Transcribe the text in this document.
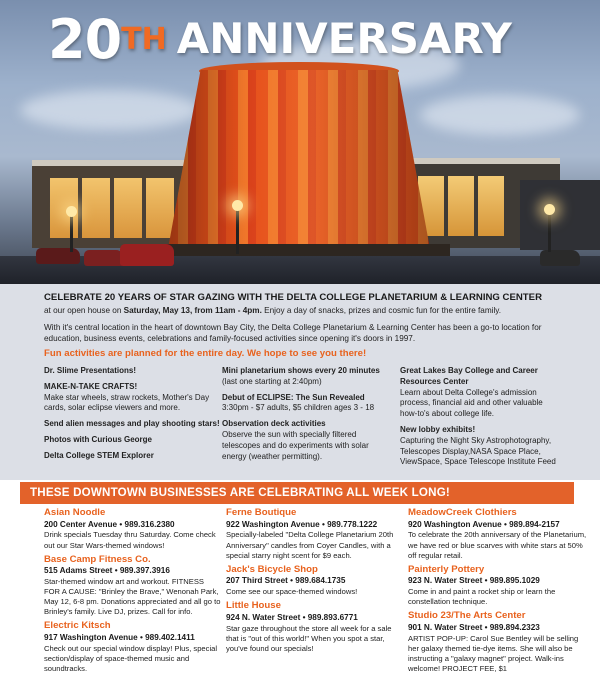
20TH ANNIVERSARY
CELEBRATE 20 YEARS OF STAR GAZING WITH THE DELTA COLLEGE PLANETARIUM & LEARNING CENTER
at our open house on Saturday, May 13, from 11am - 4pm. Enjoy a day of snacks, prizes and cosmic fun for the entire family.
With it's central location in the heart of downtown Bay City, the Delta College Planetarium & Learning Center has been a go-to location for education, business events, celebrations and family-focused activities since opening it's doors in 1997.
Fun activities are planned for the entire day. We hope to see you there!
Dr. Slime Presentations!
MAKE-N-TAKE CRAFTS!
Make star wheels, straw rockets, Mother's Day cards, solar eclipse viewers and more.
Send alien messages and play shooting stars!
Photos with Curious George
Delta College STEM Explorer
Mini planetarium shows every 20 minutes (last one starting at 2:40pm)
Debut of ECLIPSE: The Sun Revealed
3:30pm - $7 adults, $5 children ages 3 - 18
Observation deck activities
Observe the sun with specially filtered telescopes and do experiments with solar energy (weather permitting).
Great Lakes Bay College and Career Resources Center
Learn about Delta College's admission process, financial aid and other valuable how-to's about college life.
New lobby exhibits!
Capturing the Night Sky Astrophotography, Telescopes Display,NASA Space Place, ViewSpace, Space Telescope Institute Feed
THESE DOWNTOWN BUSINESSES ARE CELEBRATING ALL WEEK LONG!
Asian Noodle
200 Center Avenue • 989.316.2380
Drink specials Tuesday thru Saturday. Come check out our Star Wars-themed windows!
Base Camp Fitness Co.
515 Adams Street • 989.397.3916
Star-themed window art and workout. FITNESS FOR A CAUSE: "Brinley the Brave," Wenonah Park, May 12, 6-8 pm. Donations appreciated and all go to Brinley's family. Live DJ, prizes. Call for info.
Electric Kitsch
917 Washington Avenue • 989.402.1411
Check out our special window display! Plus, special section/display of space-themed music and soundtracks.
Ferne Boutique
922 Washington Avenue • 989.778.1222
Specially-labeled "Delta College Planetarium 20th Anniversary" candles from Coyer Candles, with a special starry night scent for $9 each.
Jack's Bicycle Shop
207 Third Street • 989.684.1735
Come see our space-themed windows!
Little House
924 N. Water Street • 989.893.6771
Star gaze throughout the store all week for a sale that is "out of this world!" When you spot a star, you've found our specials!
MeadowCreek Clothiers
920 Washington Avenue • 989.894-2157
To celebrate the 20th anniversary of the Planetarium, we have red or blue scarves with white stars at 50% off regular retail.
Painterly Pottery
923 N. Water Street • 989.895.1029
Come in and paint a rocket ship or learn the constellation technique.
Studio 23/The Arts Center
901 N. Water Street • 989.894.2323
ARTIST POP-UP: Carol Sue Bentley will be selling her galaxy themed tie-dye items. She will also be instructing a "galaxy magnet" project. Walk-ins welcome! PROJECT FEE, $1
